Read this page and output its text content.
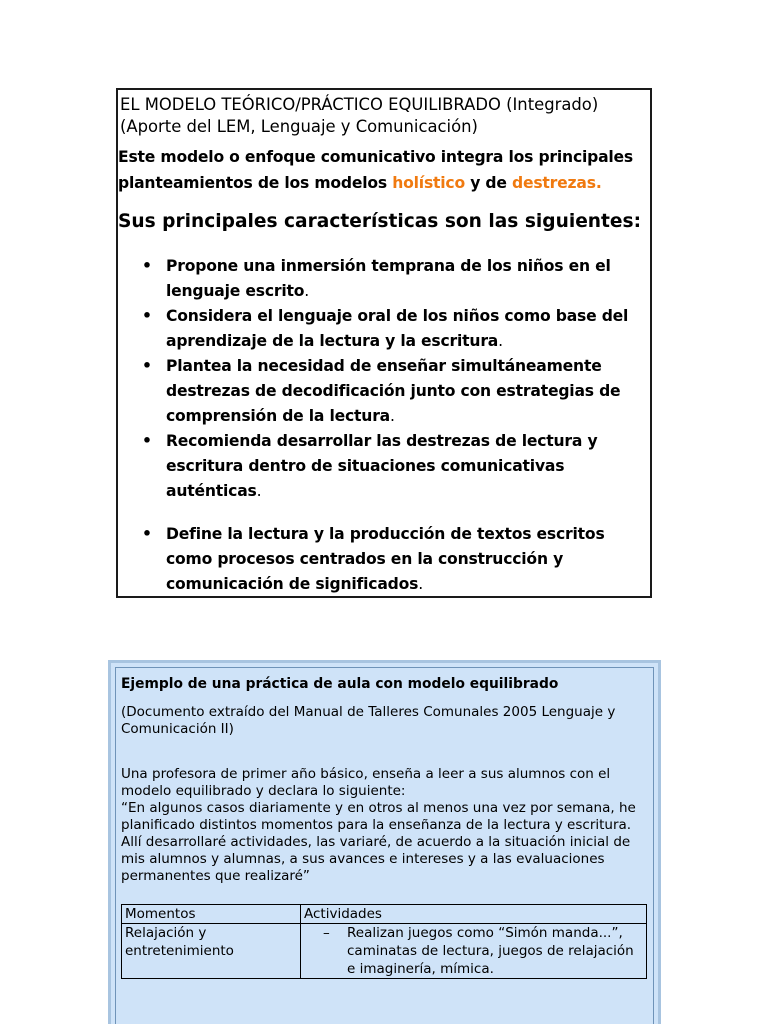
EL MODELO TEÓRICO/PRÁCTICO EQUILIBRADO (Integrado)
(Aporte del LEM, Lenguaje y Comunicación)
Este modelo o enfoque comunicativo integra los principales planteamientos de los modelos holístico y de destrezas.
Sus principales características son las siguientes:
• Propone una inmersión temprana de los niños en el lenguaje escrito.
• Considera el lenguaje oral de los niños como base del aprendizaje de la lectura y la escritura.
• Plantea la necesidad de enseñar simultáneamente destrezas de decodificación junto con estrategias de comprensión de la lectura.
• Recomienda desarrollar las destrezas de lectura y escritura dentro de situaciones comunicativas auténticas.
• Define la lectura y la producción de textos escritos como procesos centrados en la construcción y comunicación de significados.
Ejemplo de una práctica de aula con modelo equilibrado
(Documento extraído del Manual de Talleres Comunales 2005 Lenguaje y Comunicación II)
Una profesora de primer año básico, enseña a leer a sus alumnos con el modelo equilibrado y declara lo siguiente:
“En algunos casos diariamente y en otros al menos una vez por semana, he planificado distintos momentos para la enseñanza de la lectura y escritura. Allí desarrollaré actividades, las variaré, de acuerdo a la situación inicial de mis alumnos y alumnas, a sus avances e intereses y a las evaluaciones permanentes que realizaré”
Momentos	Actividades
Relajación y entretenimiento
– Realizan juegos como “Simón manda...”, caminatas de lectura, juegos de relajación e imaginería, mímica.
